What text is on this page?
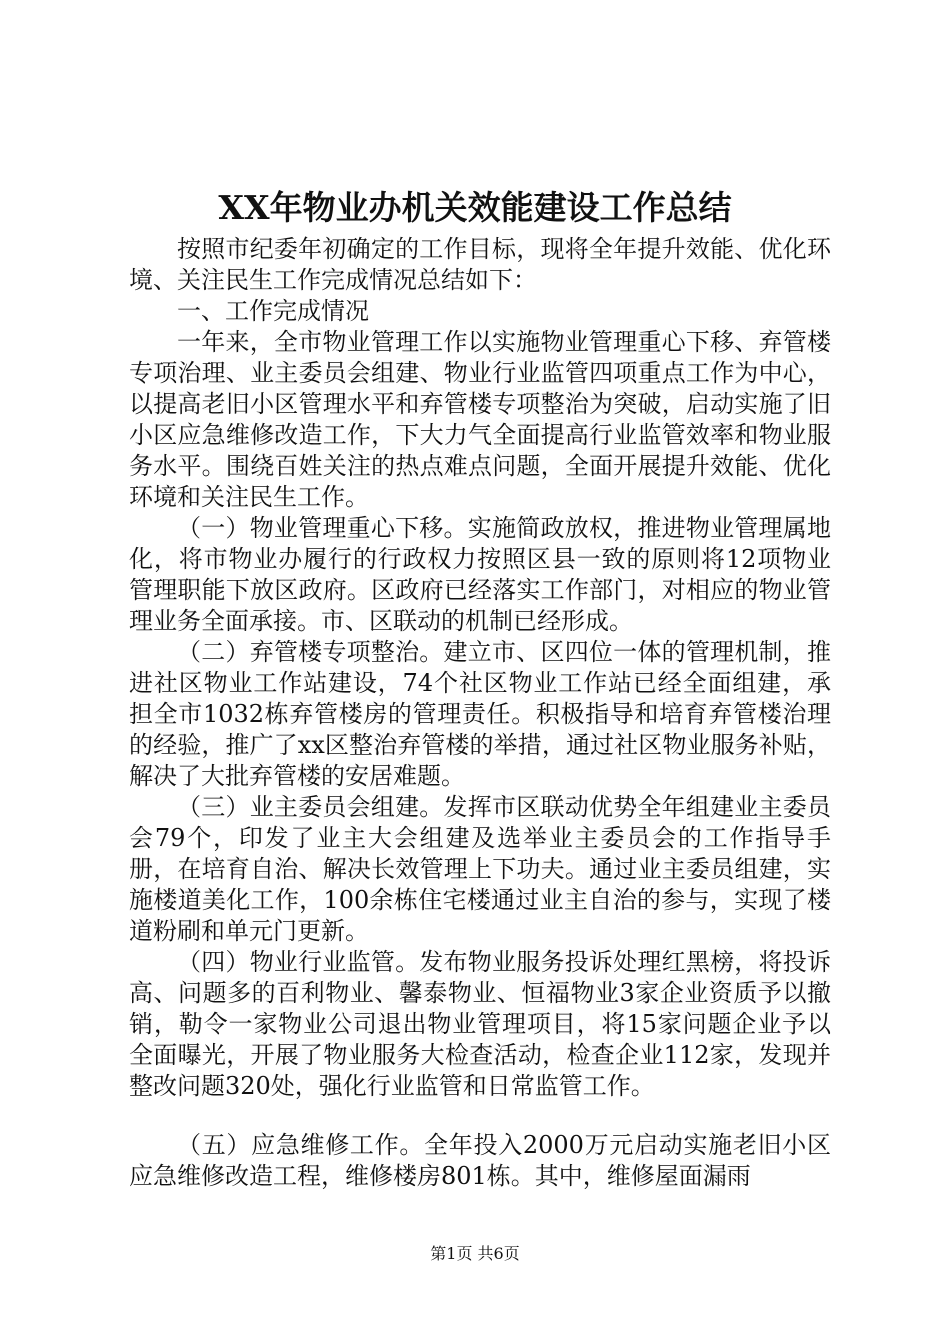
XX年物业办机关效能建设工作总结

按照市纪委年初确定的工作目标，现将全年提升效能、优化环境、关注民生工作完成情况总结如下：

一、工作完成情况

一年来，全市物业管理工作以实施物业管理重心下移、弃管楼专项治理、业主委员会组建、物业行业监管四项重点工作为中心，以提高老旧小区管理水平和弃管楼专项整治为突破，启动实施了旧小区应急维修改造工作，下大力气全面提高行业监管效率和物业服务水平。围绕百姓关注的热点难点问题，全面开展提升效能、优化环境和关注民生工作。

（一）物业管理重心下移。实施简政放权，推进物业管理属地化，将市物业办履行的行政权力按照区县一致的原则将12项物业管理职能下放区政府。区政府已经落实工作部门，对相应的物业管理业务全面承接。市、区联动的机制已经形成。

（二）弃管楼专项整治。建立市、区四位一体的管理机制，推进社区物业工作站建设，74个社区物业工作站已经全面组建，承担全市1032栋弃管楼房的管理责任。积极指导和培育弃管楼治理的经验，推广了xx区整治弃管楼的举措，通过社区物业服务补贴，解决了大批弃管楼的安居难题。

（三）业主委员会组建。发挥市区联动优势全年组建业主委员会79个，印发了业主大会组建及选举业主委员会的工作指导手册，在培育自治、解决长效管理上下功夫。通过业主委员组建，实施楼道美化工作，100余栋住宅楼通过业主自治的参与，实现了楼道粉刷和单元门更新。

（四）物业行业监管。发布物业服务投诉处理红黑榜，将投诉高、问题多的百利物业、馨泰物业、恒福物业3家企业资质予以撤销，勒令一家物业公司退出物业管理项目，将15家问题企业予以全面曝光，开展了物业服务大检查活动，检查企业112家，发现并整改问题320处，强化行业监管和日常监管工作。

（五）应急维修工作。全年投入2000万元启动实施老旧小区应急维修改造工程，维修楼房801栋。其中，维修屋面漏雨

第1页 共6页
